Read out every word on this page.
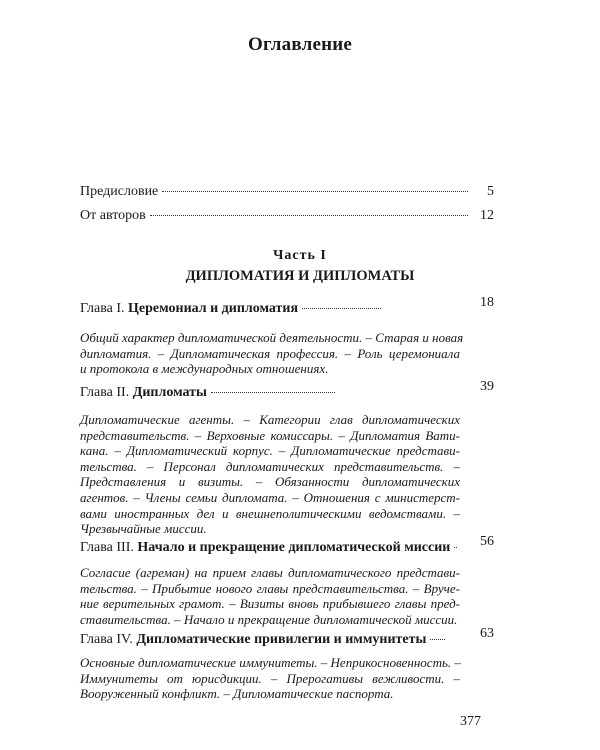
Оглавление
Предисловие	5
От авторов	12
Часть I
ДИПЛОМАТИЯ И ДИПЛОМАТЫ
Глава I. Церемониал и дипломатия	18
Общий характер дипломатической деятельности. – Старая и новая
дипломатия. – Дипломатическая профессия. – Роль церемониала
и протокола в международных отношениях.
Глава II. Дипломаты	39
Дипломатические агенты. – Категории глав дипломатических
представительств. – Верховные комиссары. – Дипломатия Вати-
кана. – Дипломатический корпус. – Дипломатические представи-
тельства. – Персонал дипломатических представительств. –
Представления и визиты. – Обязанности дипломатических
агентов. – Члены семьи дипломата. – Отношения с министерст-
вами иностранных дел и внешнеполитическими ведомствами. –
Чрезвычайные миссии.
Глава III. Начало и прекращение дипломатической миссии	56
Согласие (агреман) на прием главы дипломатического представи-
тельства. – Прибытие нового главы представительства. – Вруче-
ние верительных грамот. – Визиты вновь прибывшего главы пред-
ставительства. – Начало и прекращение дипломатической миссии.
Глава IV. Дипломатические привилегии и иммунитеты	63
Основные дипломатические иммунитеты. – Неприкосновенность. –
Иммунитеты от юрисдикции. – Прерогативы вежливости. –
Вооруженный конфликт. – Дипломатические паспорта.
377
